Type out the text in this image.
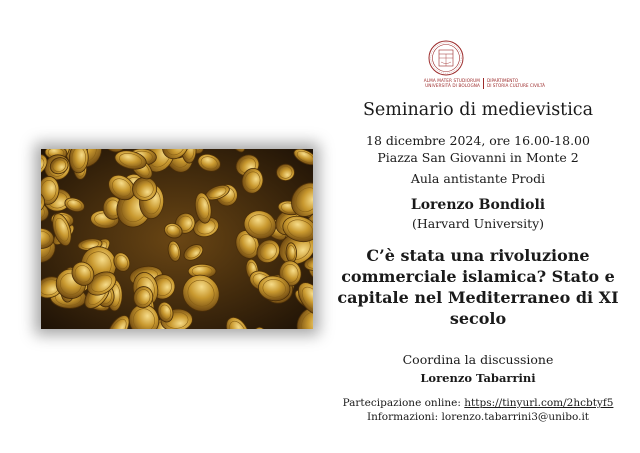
ALMA MATER STUDIORUM
UNIVERSITÀ DI BOLOGNA
DIPARTIMENTO
DI STORIA CULTURE CIVILTÀ
Seminario di medievistica
18 dicembre 2024, ore 16.00-18.00
Piazza San Giovanni in Monte 2
Aula antistante Prodi
Lorenzo Bondioli
(Harvard University)
C’è stata una rivoluzione
commerciale islamica? Stato e
capitale nel Mediterraneo di XI
secolo
Coordina la discussione
Lorenzo Tabarrini
Partecipazione online: https://tinyurl.com/2hcbtyf5
Informazioni: lorenzo.tabarrini3@unibo.it
